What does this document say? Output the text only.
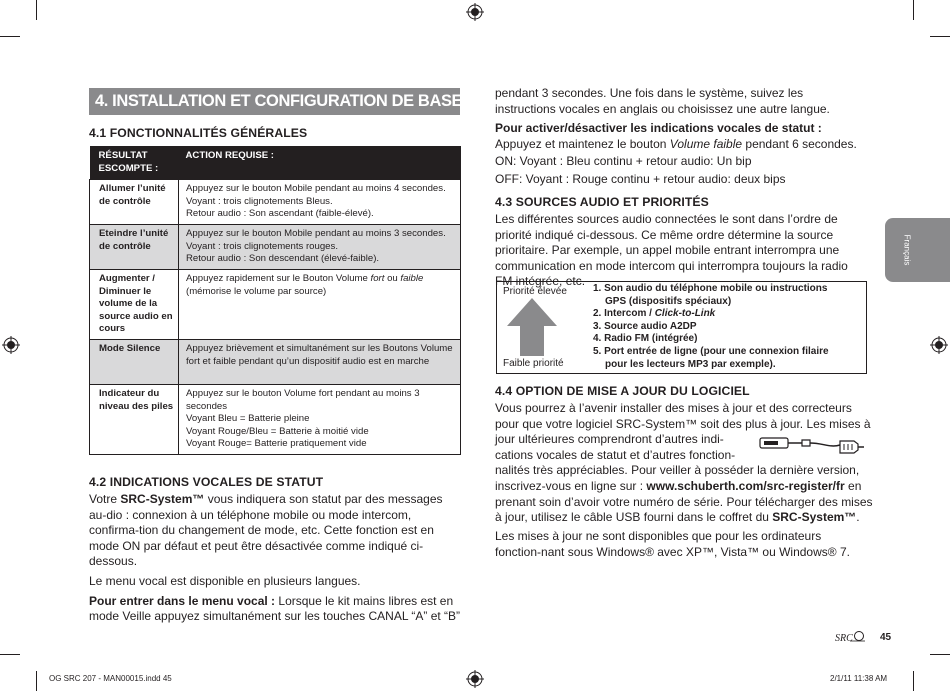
4. INSTALLATION ET CONFIGURATION DE BASE
4.1 FONCTIONNALITÉS GÉNÉRALES
RÉSULTAT ESCOMPTE :	ACTION REQUISE :
Allumer l’unité de contrôle	Appuyez sur le bouton Mobile pendant au moins 4 secondes. Voyant : trois clignotements Bleus.

Retour audio : Son ascendant (faible-élevé).

Eteindre l’unité de contrôle	Appuyez sur le bouton Mobile pendant au moins 3 secondes. Voyant : trois clignotements rouges.

Retour audio : Son descendant (élevé-faible).

Augmenter / Diminuer le volume de la source audio en cours	Appuyez rapidement sur le Bouton Volume fort ou faible (mémorise le volume par source)
Mode Silence	Appuyez brièvement et simultanément sur les Boutons Volume fort et faible pendant qu’un dispositif audio est en marche

Indicateur du niveau des piles	Appuyez sur le bouton Volume fort pendant au moins 3 secondes

Voyant Bleu = Batterie pleine

Voyant Rouge/Bleu = Batterie à moitié vide

Voyant Rouge= Batterie pratiquement vide

4.2 INDICATIONS VOCALES DE STATUT

Votre SRC-System™ vous indiquera son statut par des messages au-dio : connexion à un téléphone mobile ou mode intercom, confirma-tion du changement de mode, etc. Cette fonction est en mode ON par défaut et peut être désactivée comme indiqué ci-dessous.

Le menu vocal est disponible en plusieurs langues.

Pour entrer dans le menu vocal : Lorsque le kit mains libres est en mode Veille appuyez simultanément sur les touches CANAL “A” et “B”

pendant 3 secondes. Une fois dans le système, suivez les instructions vocales en anglais ou choisissez une autre langue.

Pour activer/désactiver les indications vocales de statut :
Appuyez et maintenez le bouton Volume faible pendant 6 secondes.

ON: Voyant : Bleu continu + retour audio: Un bip

OFF: Voyant : Rouge continu + retour audio: deux bips

4.3 SOURCES AUDIO ET PRIORITÉS
Les différentes sources audio connectées le sont dans l’ordre de priorité indiqué ci-dessous. Ce même ordre détermine la source prioritaire. Par exemple, un appel mobile entrant interrompra une communication en mode intercom qui interrompra toujours la radio FM intégrée, etc.
Priorité élevée
Faible priorité
1. Son audio du téléphone mobile ou instructions
GPS (dispositifs spéciaux)
2. Intercom / Click-to-Link
3. Source audio A2DP
4. Radio FM (intégrée)
5. Port entrée de ligne (pour une connexion filaire
pour les lecteurs MP3 par exemple).
4.4 OPTION DE MISE A JOUR DU LOGICIEL
Vous pourrez à l’avenir installer des mises à jour et des correcteurs
pour que votre logiciel SRC-System™ soit des plus à jour. Les mises à
jour ultérieures comprendront d’autres indi-
cations vocales de statut et d’autres fonction-
nalités très appréciables. Pour veiller à posséder la dernière version,
inscrivez-vous en ligne sur : www.schuberth.com/src-register/fr en
prenant soin d’avoir votre numéro de série. Pour télécharger des mises
à jour, utilisez le câble USB fourni dans le coffret du SRC-System™.
Les mises à jour ne sont disponibles que pour les ordinateurs fonction-nant sous Windows® avec XP™, Vista™ ou Windows® 7.
Français
SRC	45
OG SRC 207 - MAN00015.indd 45	2/1/11 11:38 AM
